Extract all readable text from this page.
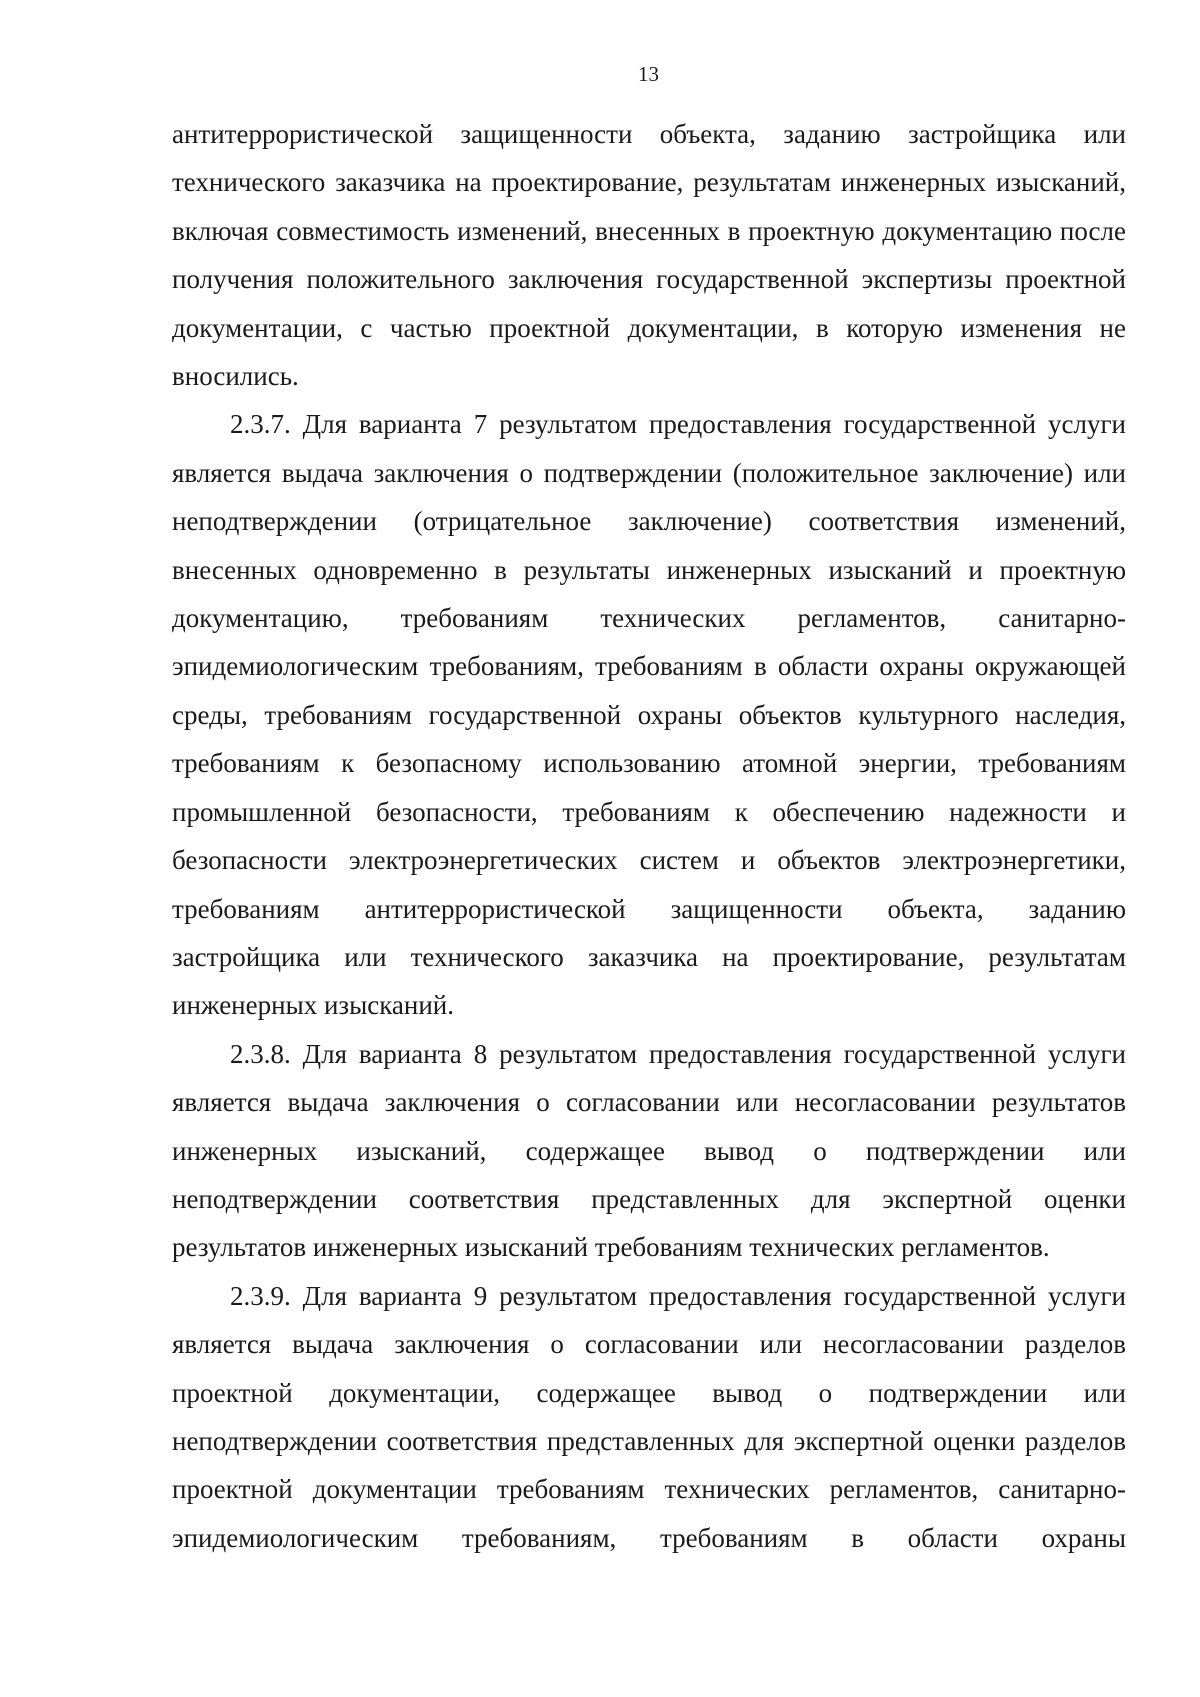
13

антитеррористической защищенности объекта, заданию застройщика или технического заказчика на проектирование, результатам инженерных изысканий, включая совместимость изменений, внесенных в проектную документацию после получения положительного заключения государственной экспертизы проектной документации, с частью проектной документации, в которую изменения не вносились.

2.3.7. Для варианта 7 результатом предоставления государственной услуги является выдача заключения о подтверждении (положительное заключение) или неподтверждении (отрицательное заключение) соответствия изменений, внесенных одновременно в результаты инженерных изысканий и проектную документацию, требованиям технических регламентов, санитарно-эпидемиологическим требованиям, требованиям в области охраны окружающей среды, требованиям государственной охраны объектов культурного наследия, требованиям к безопасному использованию атомной энергии, требованиям промышленной безопасности, требованиям к обеспечению надежности и безопасности электроэнергетических систем и объектов электроэнергетики, требованиям антитеррористической защищенности объекта, заданию застройщика или технического заказчика на проектирование, результатам инженерных изысканий.

2.3.8. Для варианта 8 результатом предоставления государственной услуги является выдача заключения о согласовании или несогласовании результатов инженерных изысканий, содержащее вывод о подтверждении или неподтверждении соответствия представленных для экспертной оценки результатов инженерных изысканий требованиям технических регламентов.

2.3.9. Для варианта 9 результатом предоставления государственной услуги является выдача заключения о согласовании или несогласовании разделов проектной документации, содержащее вывод о подтверждении или неподтверждении соответствия представленных для экспертной оценки разделов проектной документации требованиям технических регламентов, санитарно-эпидемиологическим требованиям, требованиям в области охраны
